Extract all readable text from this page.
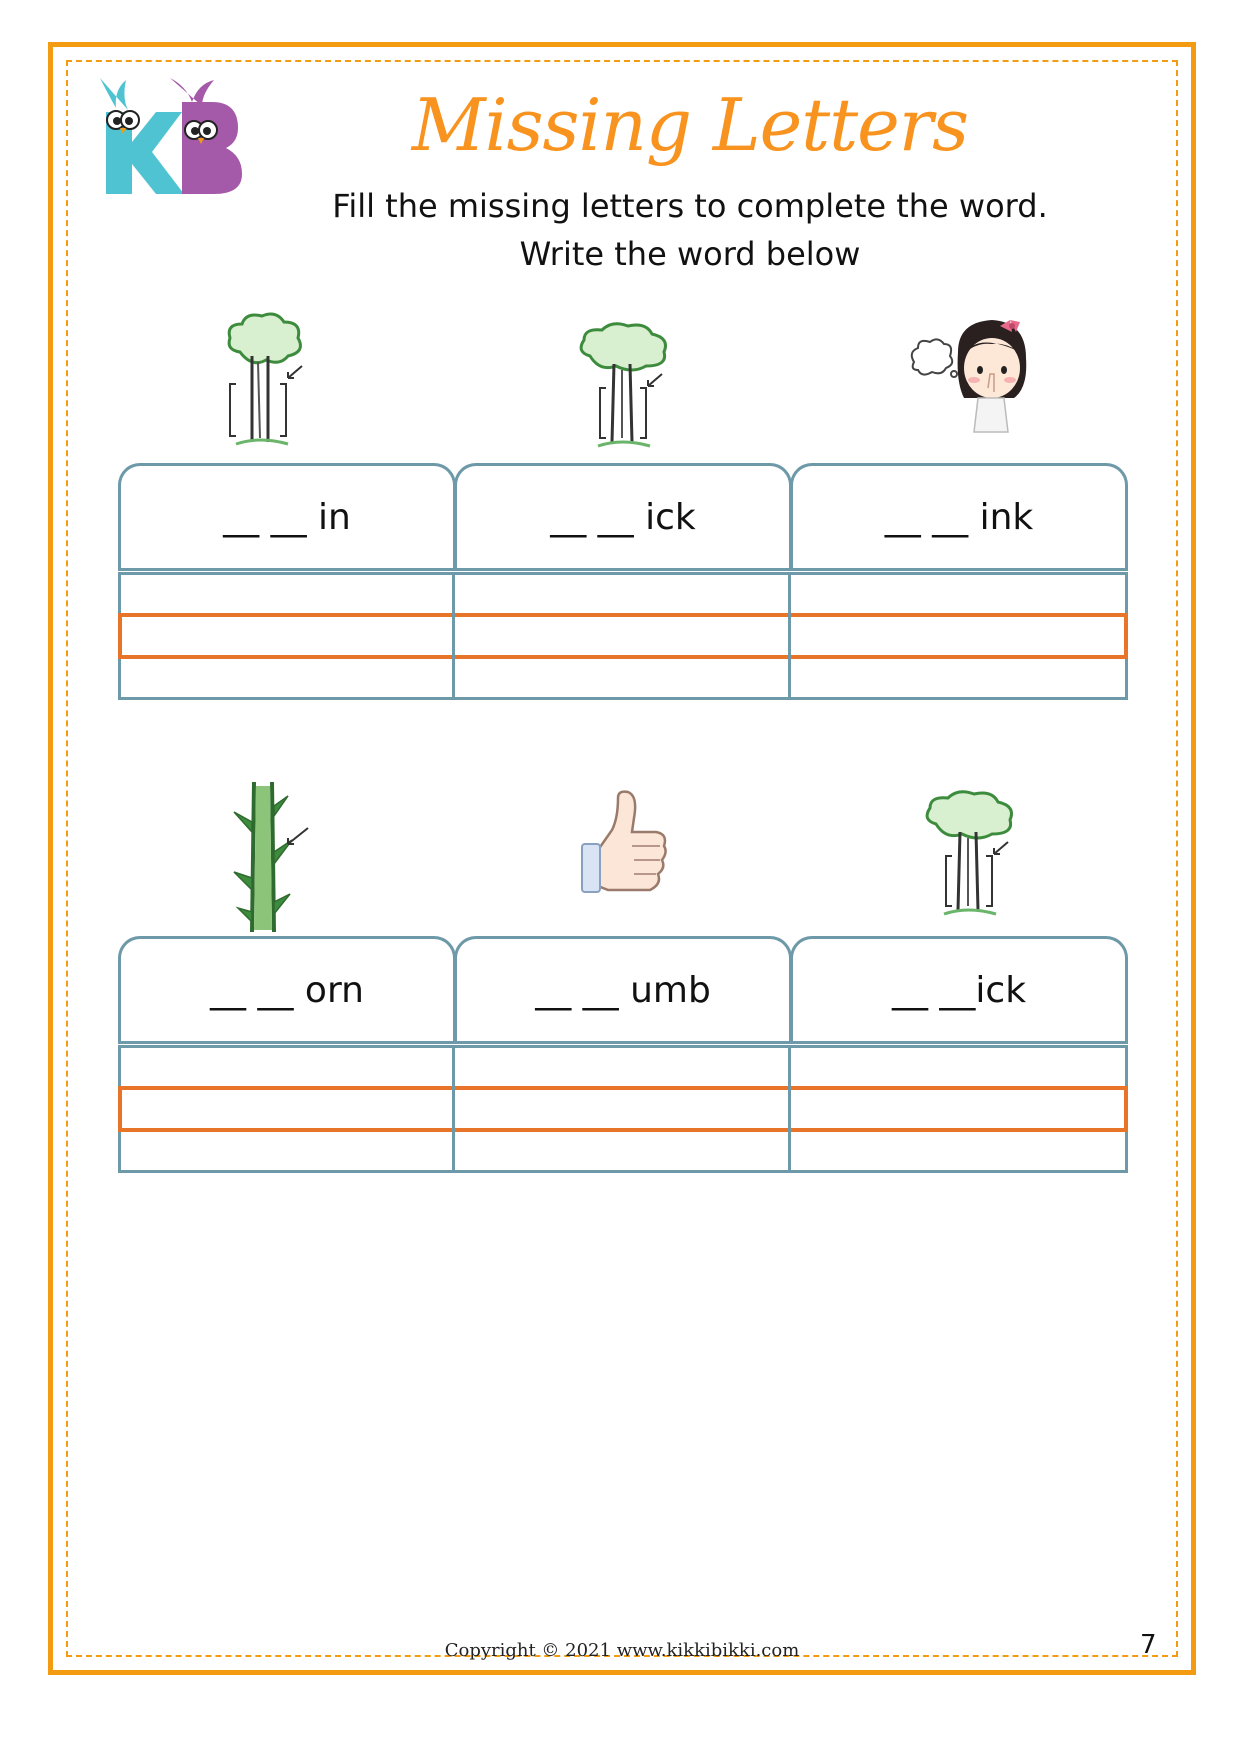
Missing Letters
Fill the missing letters to complete the word.
Write the word below
__ __ in	__ __ ick	__ __ ink
__ __ orn	__ __ umb	__ __ick
Copyright © 2021 www.kikkibikki.com	7
